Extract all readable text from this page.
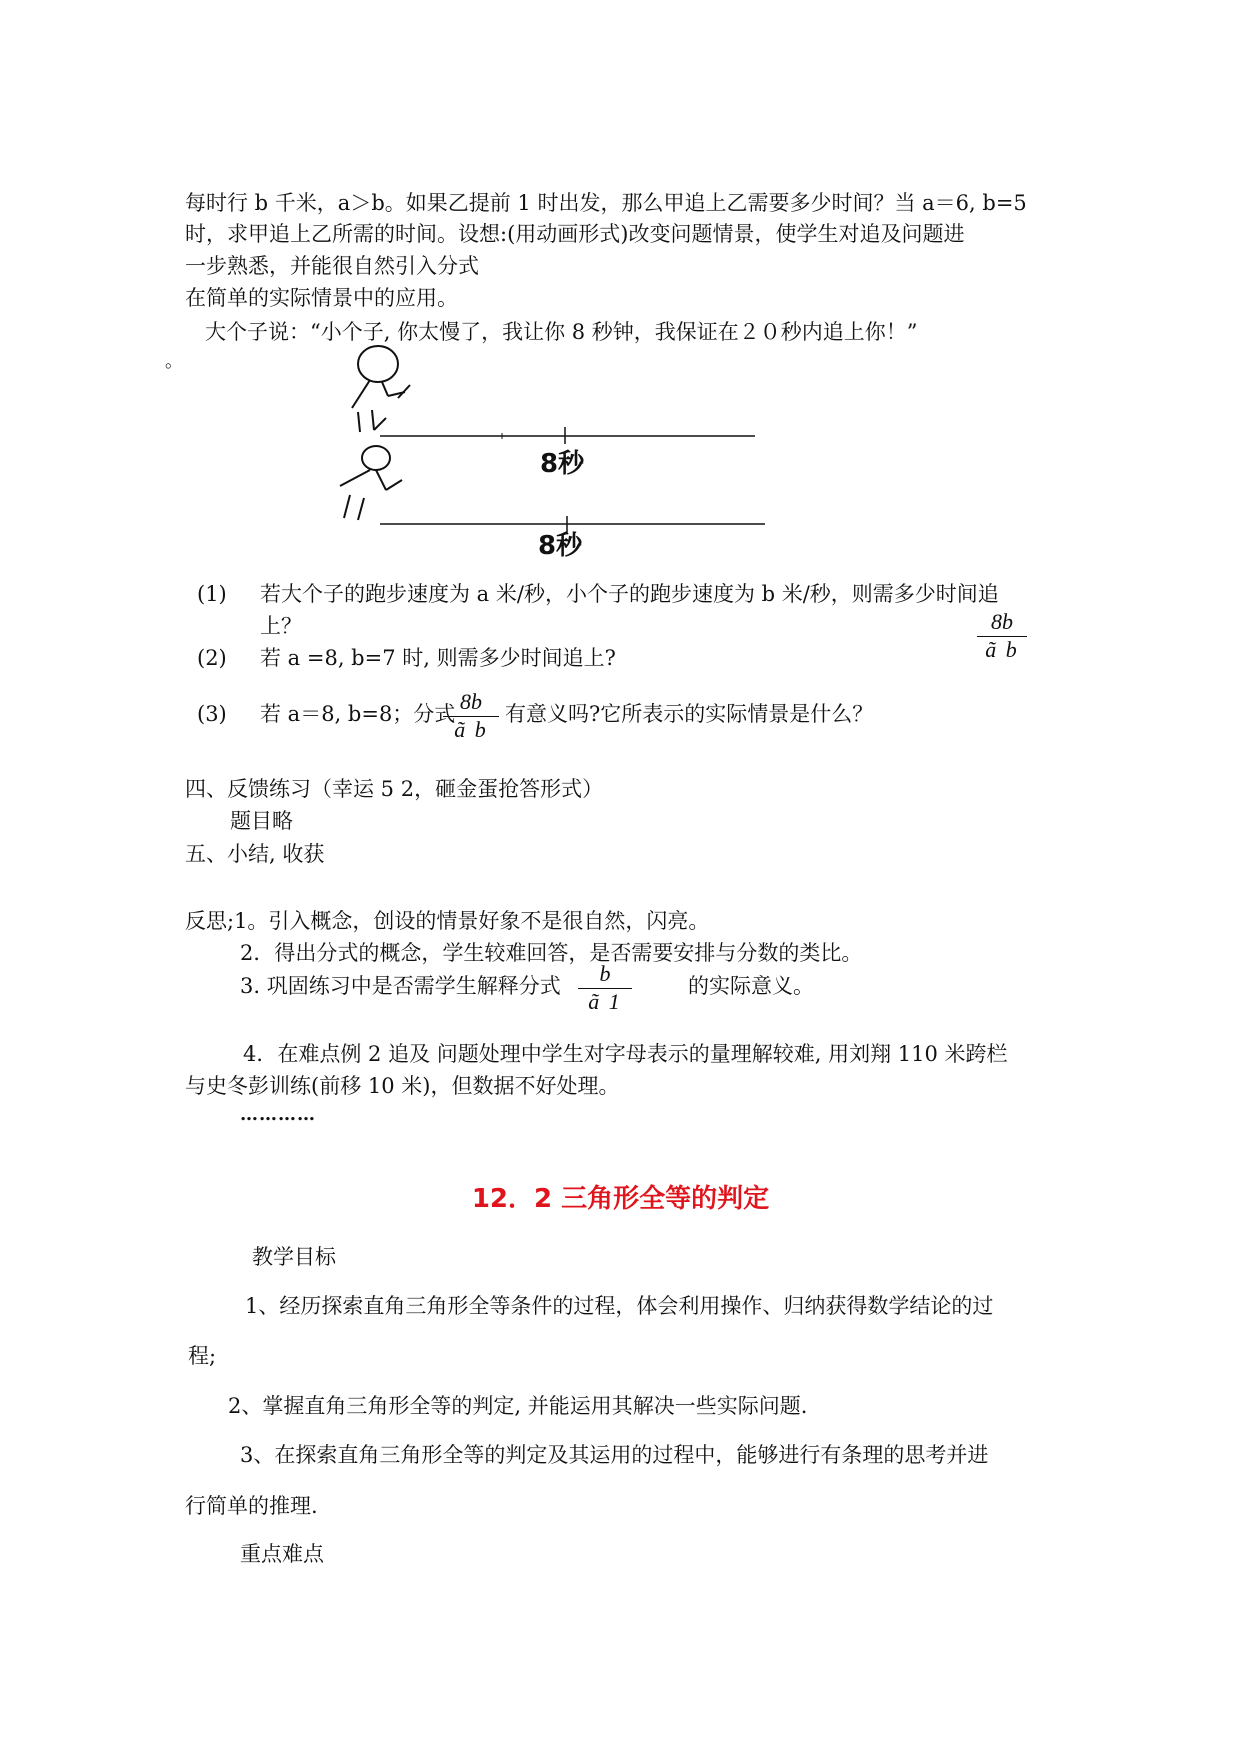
每时行 b 千米，a＞b。如果乙提前 1 时出发，那么甲追上乙需要多少时间？当 a＝6, b=5
时，求甲追上乙所需的时间。设想:(用动画形式)改变问题情景，使学生对追及问题进
一步熟悉，并能很自然引入分式
在简单的实际情景中的应用。
大个子说：“小个子, 你太慢了，我让你 8 秒钟，我保证在２０秒内追上你！”
。
8秒
8秒
(1) 若大个子的跑步速度为 a 米/秒，小个子的跑步速度为 b 米/秒，则需多少时间追
上？	8b
ã b
(2) 若 a =8, b=7 时, 则需多少时间追上?
(3) 若 a＝8, b=8；分式 8b
ã b
有意义吗?它所表示的实际情景是什么？
四、反馈练习（幸运 5 2，砸金蛋抢答形式）
题目略
五、小结, 收获
反思;1。引入概念，创设的情景好象不是很自然，闪亮。
2．得出分式的概念，学生较难回答，是否需要安排与分数的类比。
3. 巩固练习中是否需学生解释分式	b
ã 1
的实际意义。
4．在难点例 2 追及 问题处理中学生对字母表示的量理解较难, 用刘翔 110 米跨栏
与史冬彭训练(前移 10 米)，但数据不好处理。
…………
12．2 三角形全等的判定
教学目标
1、经历探索直角三角形全等条件的过程，体会利用操作、归纳获得数学结论的过
程;
2、掌握直角三角形全等的判定, 并能运用其解决一些实际问题.
3、在探索直角三角形全等的判定及其运用的过程中，能够进行有条理的思考并进
行简单的推理.
重点难点
